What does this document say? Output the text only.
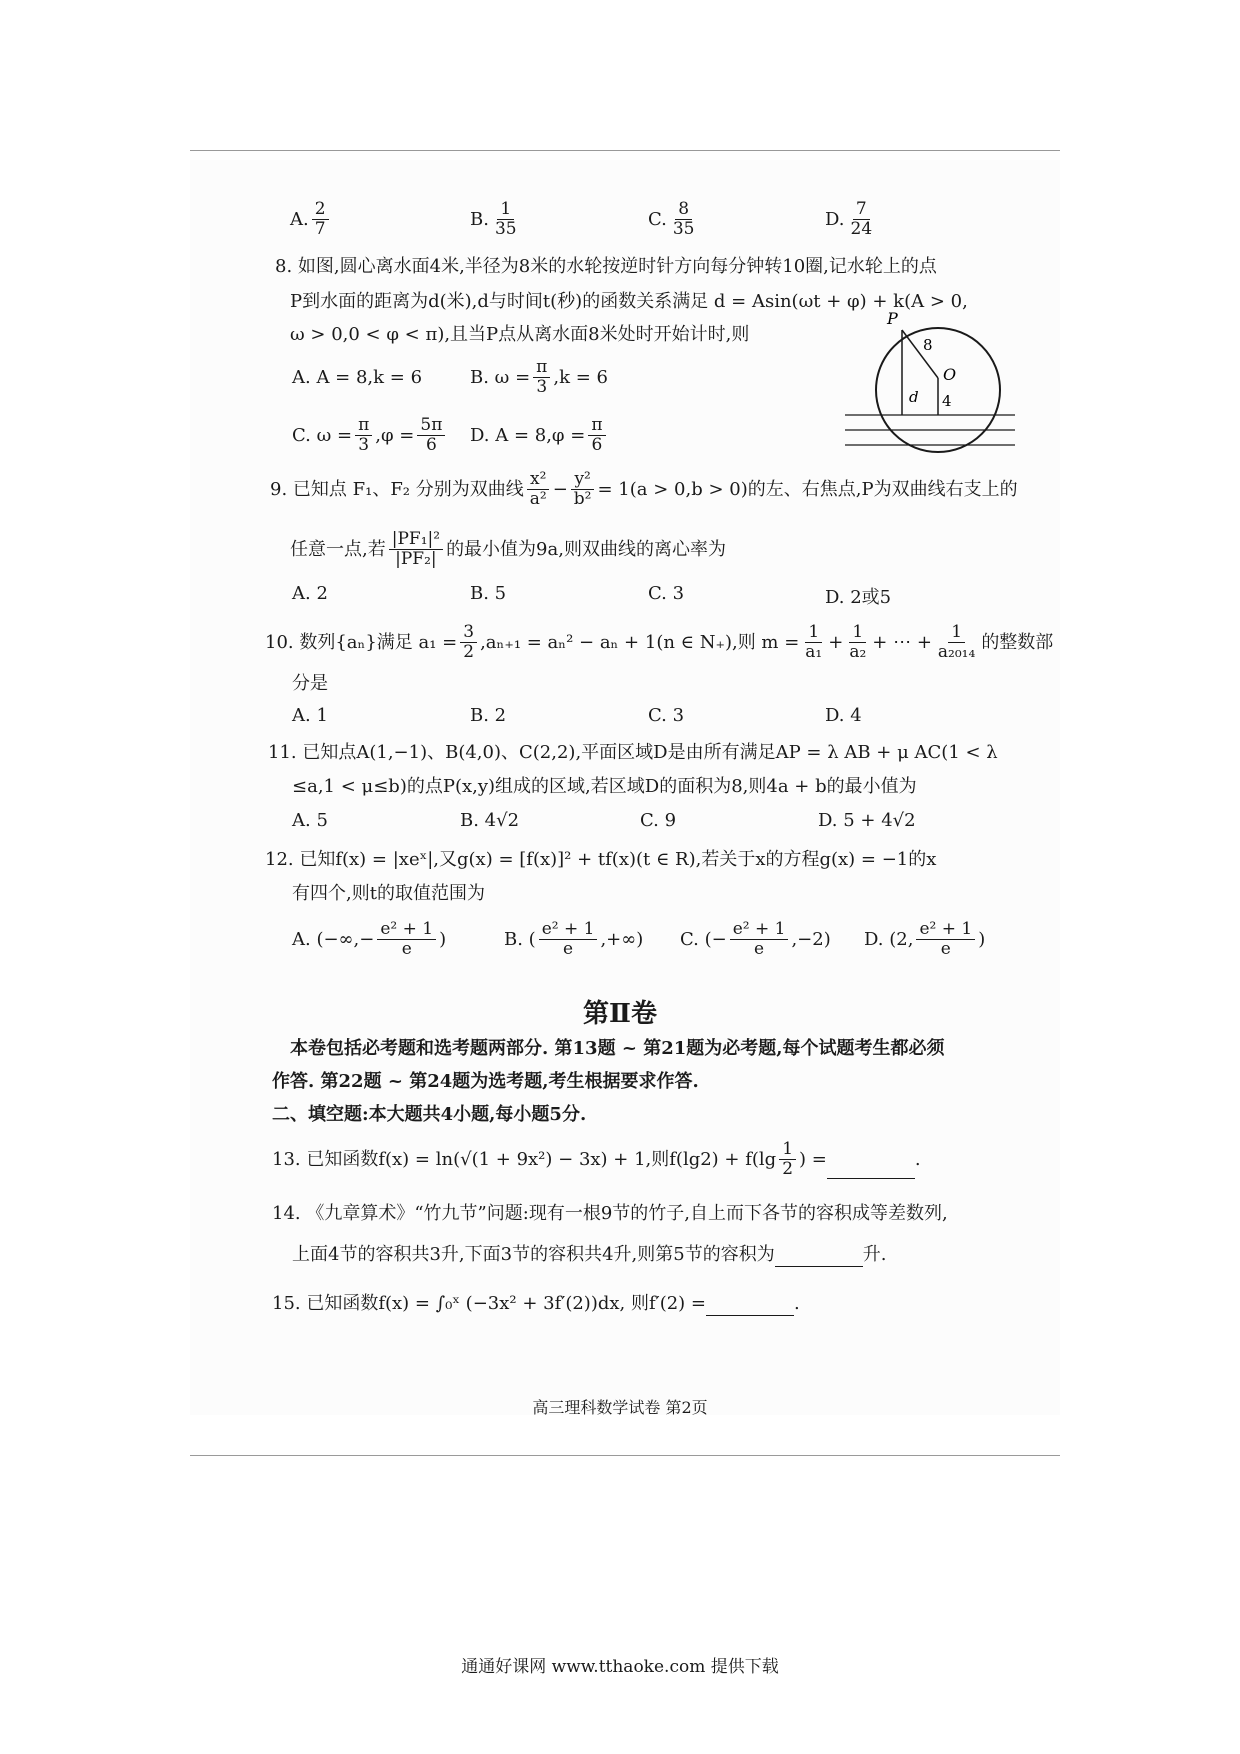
A. $\frac{2}{7}$	B. $\frac{1}{35}$	C. $\frac{8}{35}$	D. $\frac{7}{24}$
8. 如图,圆心离水面4米,半径为8米的水轮按逆时针方向每分钟转10圈,记水轮上的点
P到水面的距离为d(米),d与时间t(秒)的函数关系满足 d = Asin(ωt + φ) + k(A > 0,
ω > 0,0 < φ < π),且当P点从离水面8米处时开始计时,则
A. A = 8,k = 6	B. $\omega = \frac{\pi}{3} ,k = 6$
C. $\omega = \frac{\pi}{3} ,\varphi = \frac{5\pi}{6} D$. $A = 8,\varphi = \frac{\pi}{6}$
P
8
O
d 4
9. 已知点 F₁、F₂ 分别为双曲线 $\frac{\text{x²}}{\text{a²}} - \frac{\text{y²}}{\text{b²}} = 1(a > 0,b > 0)$的左、右焦点,P为双曲线右支上的
任意一点,若 $\frac{\text{|PF₁|²}}{\text{|PF₂|}}$ 的最小值为9a,则双曲线的离心率为
A. 2	B. 5	C. 3	D. 2或5
10. 数列{aₙ}满足 $a_1 = \frac{3}{2} ,a_{n+1} = a_n^2 - a_n + 1(n$ ∈ N₊),则 $m = \frac{1}{\text{a₁}} + \frac{1}{\text{a₂}}$ + ⋯ + $\frac{1}{\text{a₂₀₁₄}}$ 的整数部
分是
A. 1	B. 2	C. 3	D. 4
11. 已知点A(1,−1)、B(4,0)、C(2,2),平面区域D是由所有满足AP = λ AB + μ AC(1 < λ
≤a,1 < μ≤b)的点P(x,y)组成的区域,若区域D的面积为8,则4a + b的最小值为
A. 5	B. 4√2	C. 9	D. 5 + 4√2
12. 已知f(x) = |xeˣ|,又g(x) = [f(x)]² + tf(x)(t ∈ R),若关于x的方程g(x) = −1的x
有四个,则t的取值范围为
A. (−∞,− $\frac{\text{e² + 1}}{e}$ )	B. ( $\frac{\text{e² + 1}}{e}$ ,+∞) C. (− $\frac{\text{e² + 1}}{e} ,-2$) D. (2, $\frac{\text{e² + 1}}{e}$ )
第Ⅱ卷
本卷包括必考题和选考题两部分. 第13题 ~ 第21题为必考题,每个试题考生都必须
作答. 第22题 ~ 第24题为选考题,考生根据要求作答.
二、填空题:本大题共4小题,每小题5分.
13. 已知函数f(x) = ln(√(1 + 9x²) − 3x) + 1,则$f(\lg 2) + f(\lg \frac{1}{2}$ ) =	.
14. 《九章算术》“竹九节”问题:现有一根9节的竹子,自上而下各节的容积成等差数列,
上面4节的容积共3升,下面3节的容积共4升,则第5节的容积为	升.
15. 已知函数f(x) = ∫₀ˣ (−3x² + 3f′(2))dx, 则f′(2) =	.
高三理科数学试卷 第2页
通通好课网 www.tthaoke.com 提供下载
